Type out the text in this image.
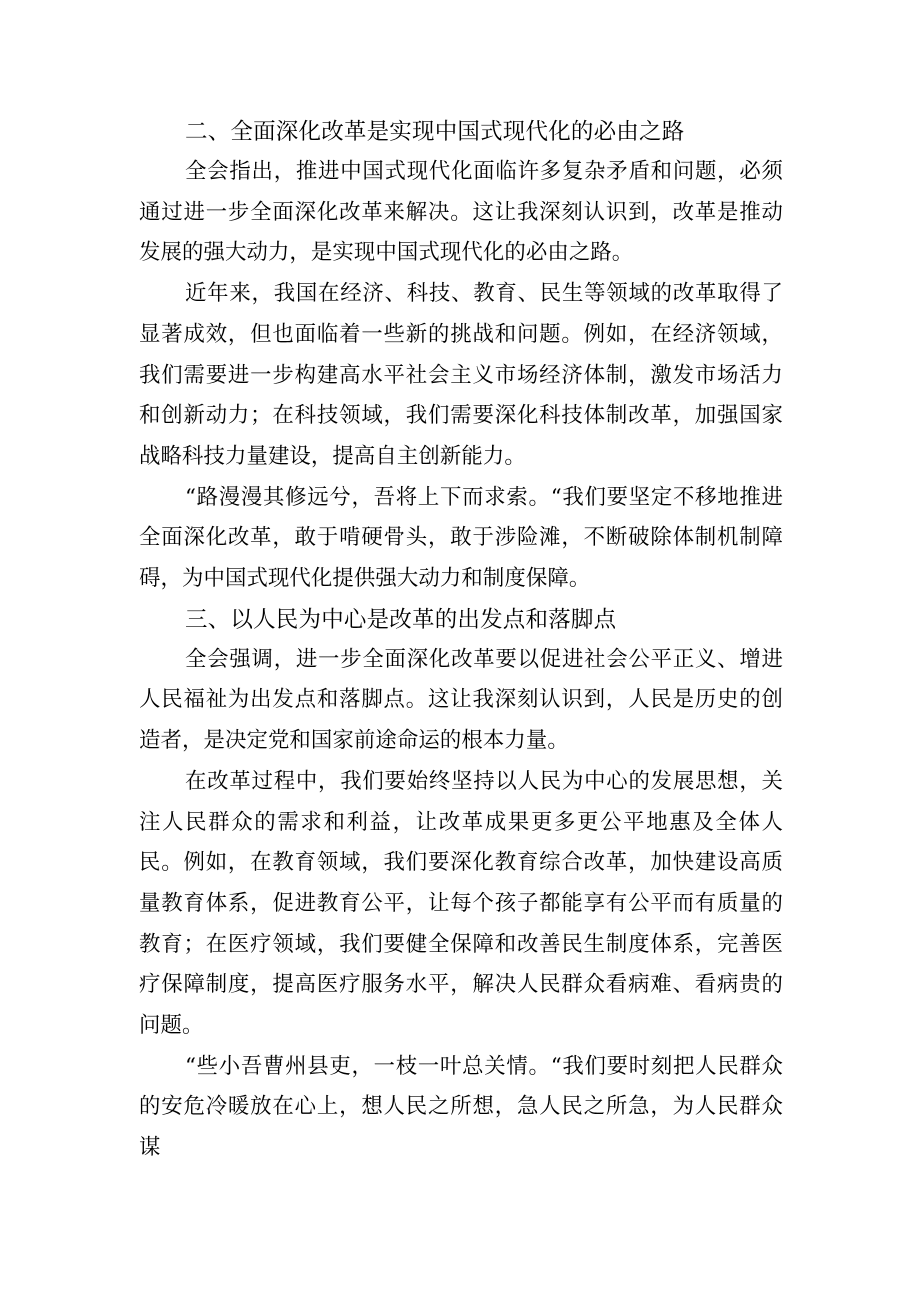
二、全面深化改革是实现中国式现代化的必由之路

全会指出，推进中国式现代化面临许多复杂矛盾和问题，必须通过进一步全面深化改革来解决。这让我深刻认识到，改革是推动发展的强大动力，是实现中国式现代化的必由之路。

近年来，我国在经济、科技、教育、民生等领域的改革取得了显著成效，但也面临着一些新的挑战和问题。例如，在经济领域，我们需要进一步构建高水平社会主义市场经济体制，激发市场活力和创新动力；在科技领域，我们需要深化科技体制改革，加强国家战略科技力量建设，提高自主创新能力。

“路漫漫其修远兮，吾将上下而求索。“我们要坚定不移地推进全面深化改革，敢于啃硬骨头，敢于涉险滩，不断破除体制机制障碍，为中国式现代化提供强大动力和制度保障。

三、以人民为中心是改革的出发点和落脚点

全会强调，进一步全面深化改革要以促进社会公平正义、增进人民福祉为出发点和落脚点。这让我深刻认识到，人民是历史的创造者，是决定党和国家前途命运的根本力量。

在改革过程中，我们要始终坚持以人民为中心的发展思想，关注人民群众的需求和利益，让改革成果更多更公平地惠及全体人民。例如，在教育领域，我们要深化教育综合改革，加快建设高质量教育体系，促进教育公平，让每个孩子都能享有公平而有质量的教育；在医疗领域，我们要健全保障和改善民生制度体系，完善医疗保障制度，提高医疗服务水平，解决人民群众看病难、看病贵的问题。

“些小吾曹州县吏，一枝一叶总关情。“我们要时刻把人民群众的安危冷暖放在心上，想人民之所想，急人民之所急，为人民群众谋
